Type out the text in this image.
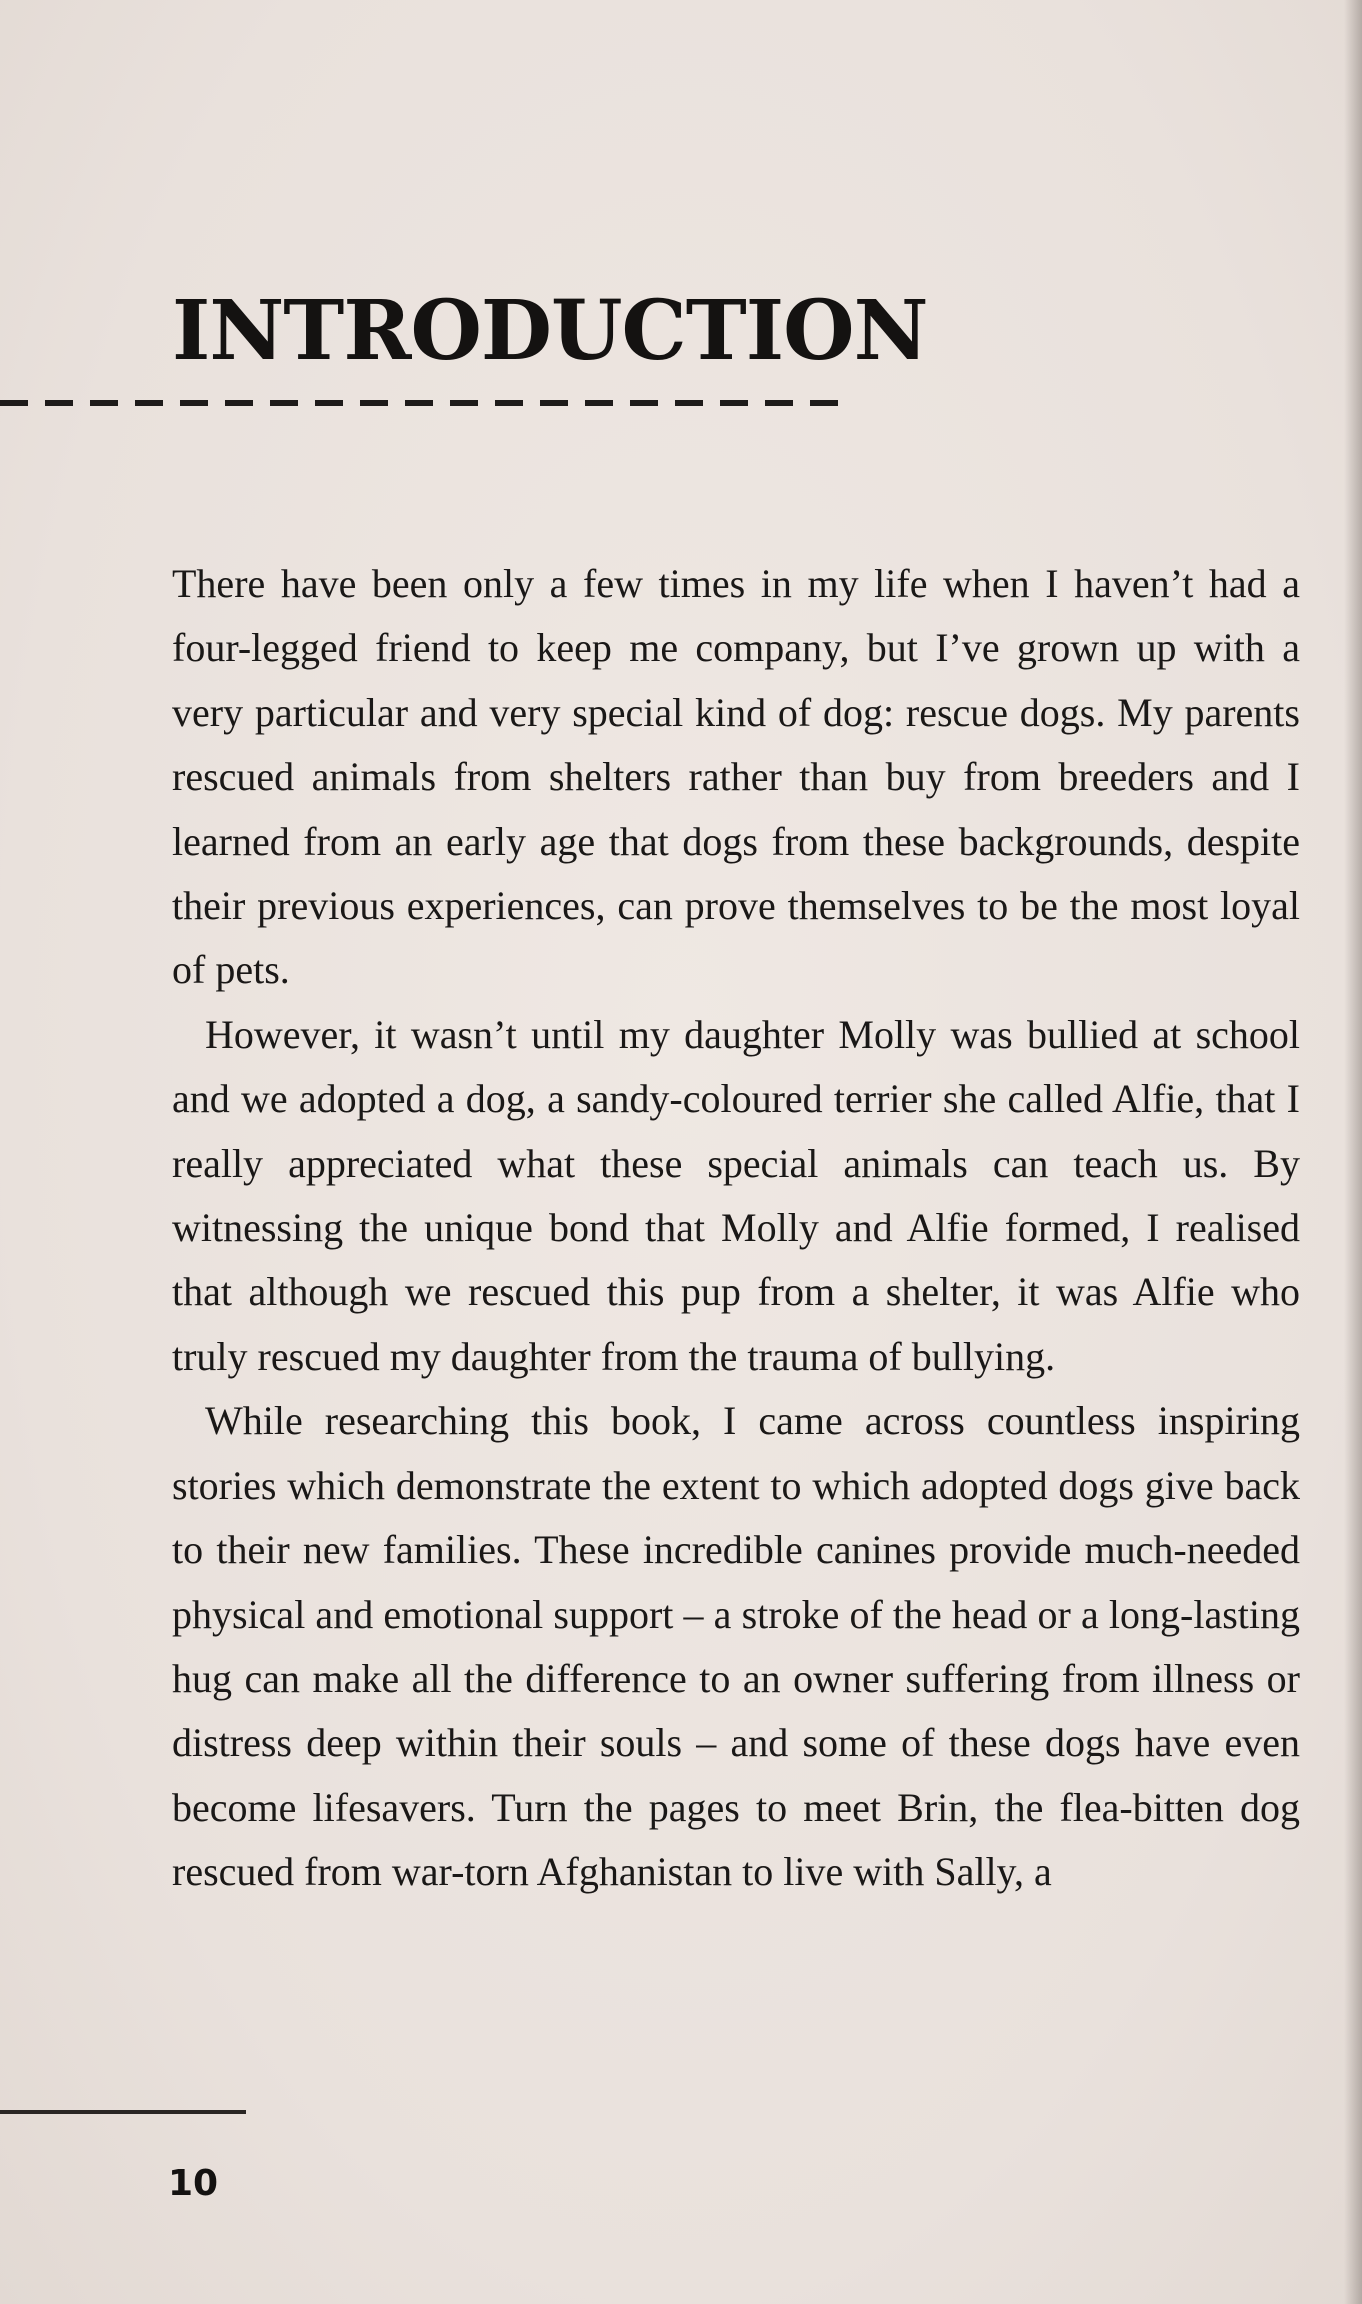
INTRODUCTION

There have been only a few times in my life when I haven’t had a four-legged friend to keep me company, but I’ve grown up with a very particular and very special kind of dog: rescue dogs. My parents rescued animals from shelters rather than buy from breeders and I learned from an early age that dogs from these backgrounds, despite their previous experiences, can prove themselves to be the most loyal of pets.

However, it wasn’t until my daughter Molly was bullied at school and we adopted a dog, a sandy-coloured terrier she called Alfie, that I really appreciated what these special animals can teach us. By witnessing the unique bond that Molly and Alfie formed, I realised that although we rescued this pup from a shelter, it was Alfie who truly rescued my daughter from the trauma of bullying.

While researching this book, I came across countless inspiring stories which demonstrate the extent to which adopted dogs give back to their new families. These incredible canines provide much-needed physical and emotional support – a stroke of the head or a long-lasting hug can make all the difference to an owner suffering from illness or distress deep within their souls – and some of these dogs have even become lifesavers. Turn the pages to meet Brin, the flea-bitten dog rescued from war-torn Afghanistan to live with Sally, a

10
